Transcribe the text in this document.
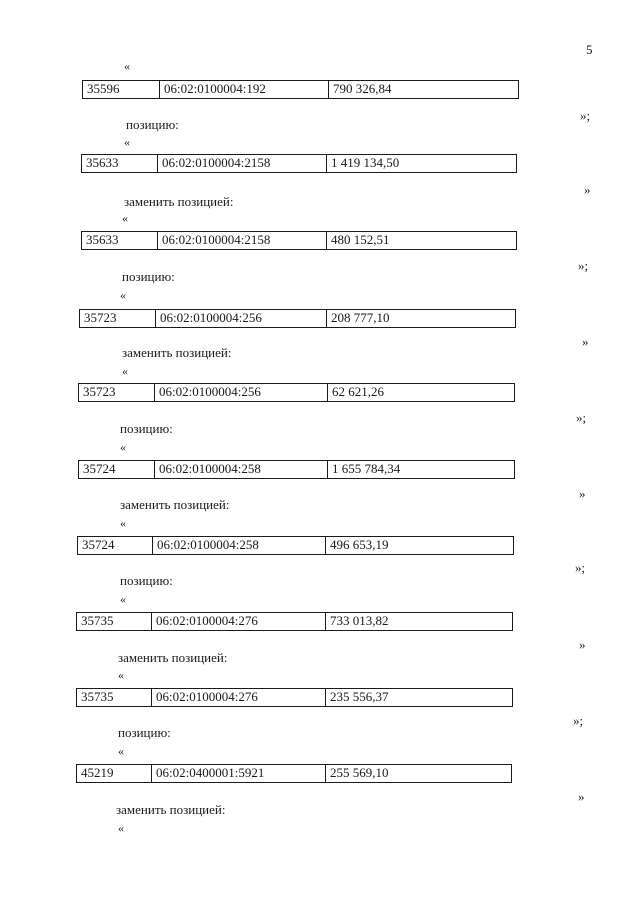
5
«
35596	06:02:0100004:192	790 326,84
»;
позицию:
«
35633	06:02:0100004:2158	1 419 134,50
»
заменить позицией:
«
35633	06:02:0100004:2158	480 152,51
»;
позицию:
«
35723	06:02:0100004:256	208 777,10
»
заменить позицией:
«
35723	06:02:0100004:256	62 621,26
»;
позицию:
«
35724	06:02:0100004:258	1 655 784,34
»
заменить позицией:
«
35724	06:02:0100004:258	496 653,19
»;
позицию:
«
35735	06:02:0100004:276	733 013,82
»
заменить позицией:
«
35735	06:02:0100004:276	235 556,37
»;
позицию:
«
45219	06:02:0400001:5921	255 569,10
»
заменить позицией:
«
